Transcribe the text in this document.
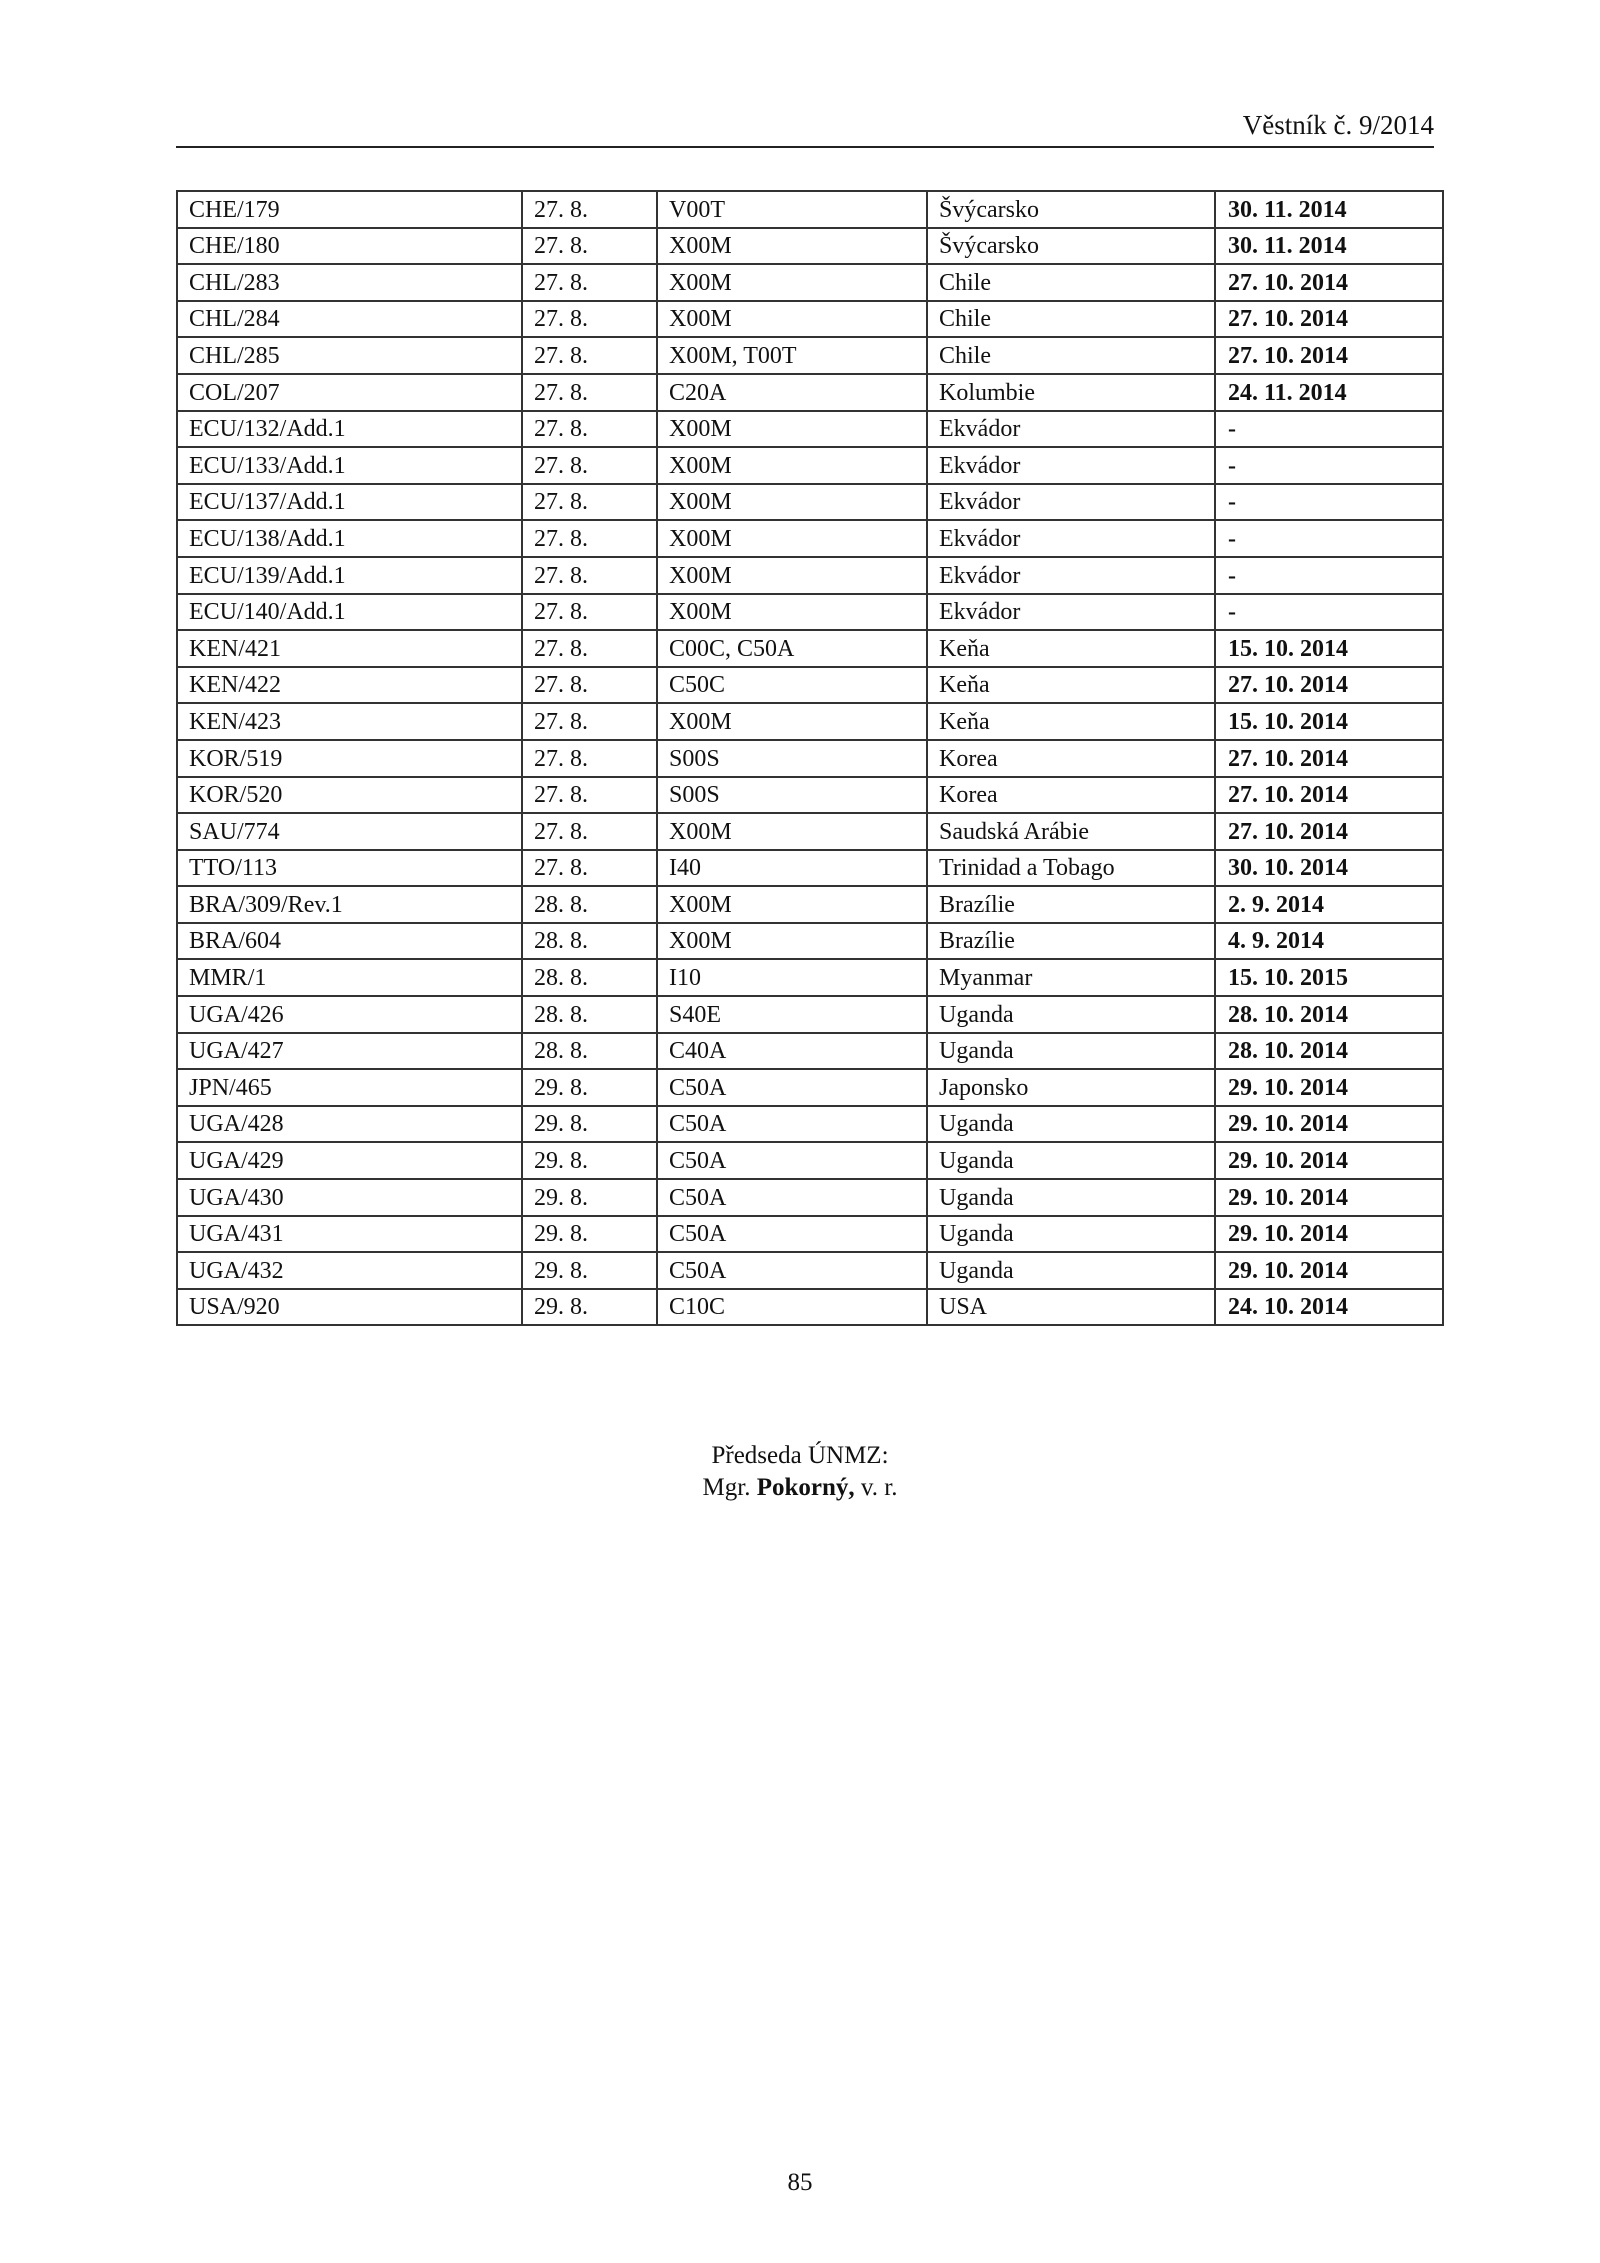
Věstník č. 9/2014
CHE/179	27. 8.	V00T	Švýcarsko	30. 11. 2014
CHE/180	27. 8.	X00M	Švýcarsko	30. 11. 2014
CHL/283	27. 8.	X00M	Chile	27. 10. 2014
CHL/284	27. 8.	X00M	Chile	27. 10. 2014
CHL/285	27. 8.	X00M, T00T	Chile	27. 10. 2014
COL/207	27. 8.	C20A	Kolumbie	24. 11. 2014
ECU/132/Add.1	27. 8.	X00M	Ekvádor	-
ECU/133/Add.1	27. 8.	X00M	Ekvádor	-
ECU/137/Add.1	27. 8.	X00M	Ekvádor	-
ECU/138/Add.1	27. 8.	X00M	Ekvádor	-
ECU/139/Add.1	27. 8.	X00M	Ekvádor	-
ECU/140/Add.1	27. 8.	X00M	Ekvádor	-
KEN/421	27. 8.	C00C, C50A	Keňa	15. 10. 2014
KEN/422	27. 8.	C50C	Keňa	27. 10. 2014
KEN/423	27. 8.	X00M	Keňa	15. 10. 2014
KOR/519	27. 8.	S00S	Korea	27. 10. 2014
KOR/520	27. 8.	S00S	Korea	27. 10. 2014
SAU/774	27. 8.	X00M	Saudská Arábie	27. 10. 2014
TTO/113	27. 8.	I40	Trinidad a Tobago	30. 10. 2014
BRA/309/Rev.1	28. 8.	X00M	Brazílie	2. 9. 2014
BRA/604	28. 8.	X00M	Brazílie	4. 9. 2014
MMR/1	28. 8.	I10	Myanmar	15. 10. 2015
UGA/426	28. 8.	S40E	Uganda	28. 10. 2014
UGA/427	28. 8.	C40A	Uganda	28. 10. 2014
JPN/465	29. 8.	C50A	Japonsko	29. 10. 2014
UGA/428	29. 8.	C50A	Uganda	29. 10. 2014
UGA/429	29. 8.	C50A	Uganda	29. 10. 2014
UGA/430	29. 8.	C50A	Uganda	29. 10. 2014
UGA/431	29. 8.	C50A	Uganda	29. 10. 2014
UGA/432	29. 8.	C50A	Uganda	29. 10. 2014
USA/920	29. 8.	C10C	USA	24. 10. 2014
Předseda ÚNMZ:
Mgr. Pokorný, v. r.
85
